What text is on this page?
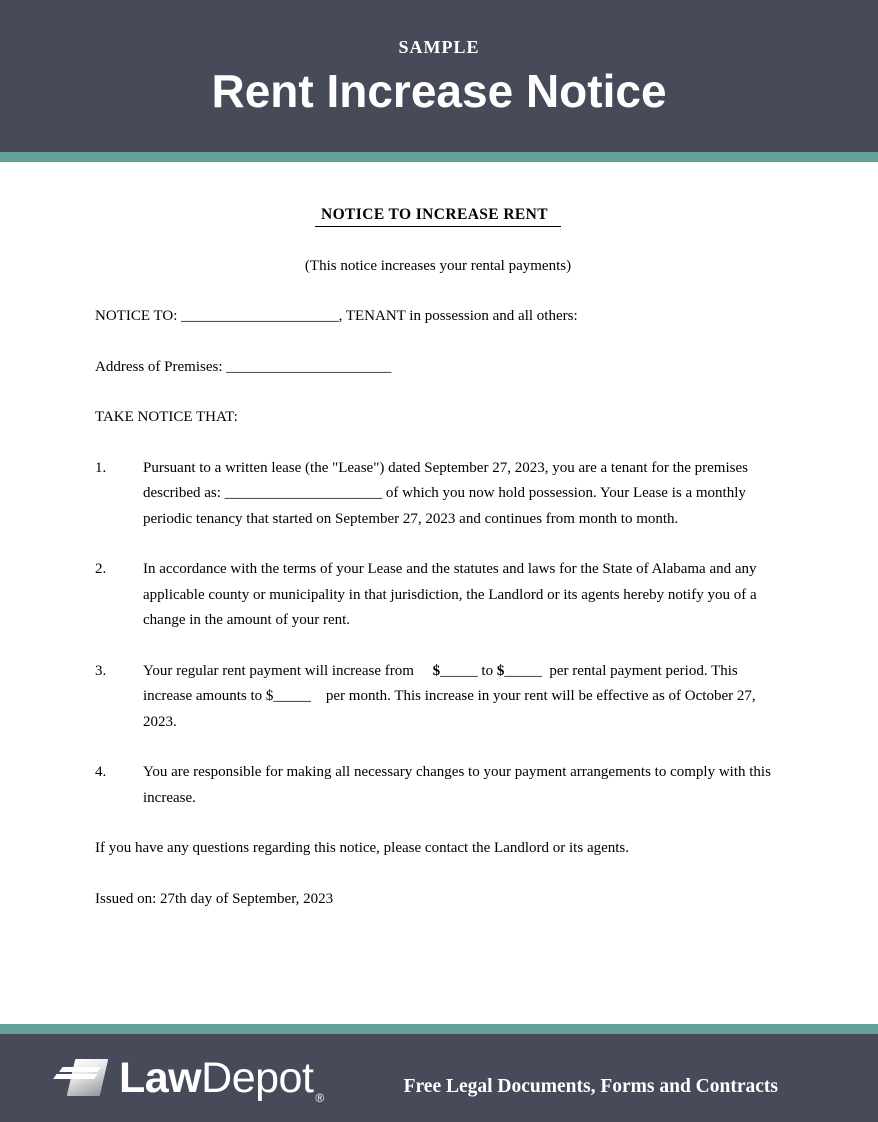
SAMPLE
Rent Increase Notice
NOTICE TO INCREASE RENT
(This notice increases your rental payments)

NOTICE TO: _____________________, TENANT in possession and all others:

Address of Premises: ______________________

TAKE NOTICE THAT:

1.	Pursuant to a written lease (the "Lease") dated September 27, 2023, you are a tenant for the premises described as: _____________________ of which you now hold possession. Your Lease is a monthly periodic tenancy that started on September 27, 2023 and continues from month to month.
2.	In accordance with the terms of your Lease and the statutes and laws for the State of Alabama and any applicable county or municipality in that jurisdiction, the Landlord or its agents hereby notify you of a change in the amount of your rent.
3.	Your regular rent payment will increase from     $_____ to $_____  per rental payment period. This increase amounts to $_____    per month. This increase in your rent will be effective as of October 27, 2023.
4.	You are responsible for making all necessary changes to your payment arrangements to comply with this increase.

If you have any questions regarding this notice, please contact the Landlord or its agents.

Issued on: 27th day of September, 2023

LawDepot $_®$
Free Legal Documents, Forms and Contracts
